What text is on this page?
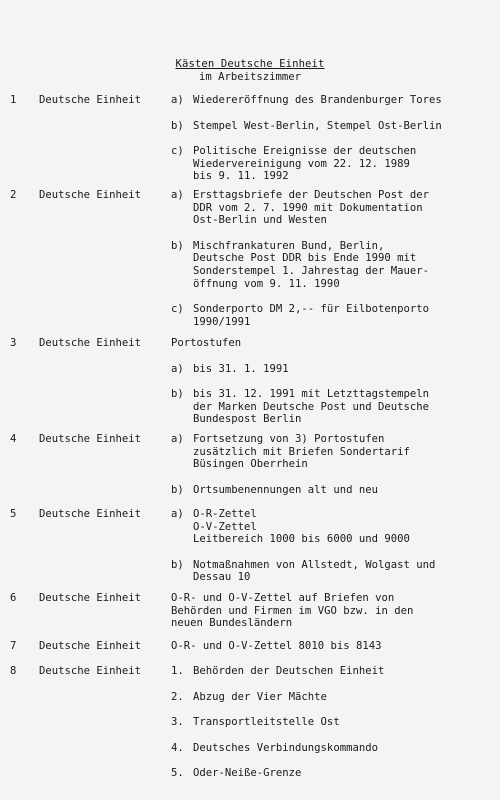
Kästen Deutsche Einheit
im Arbeitszimmer
1 Deutsche Einheit	a) Wiedereröffnung des Brandenburger Tores
b) Stempel West-Berlin, Stempel Ost-Berlin
c) Politische Ereignisse der deutschen
Wiedervereinigung vom 22. 12. 1989
bis 9. 11. 1992
2 Deutsche Einheit	a) Ersttagsbriefe der Deutschen Post der
DDR vom 2. 7. 1990 mit Dokumentation
Ost-Berlin und Westen
b) Mischfrankaturen Bund, Berlin,
Deutsche Post DDR bis Ende 1990 mit
Sonderstempel 1. Jahrestag der Mauer-
öffnung vom 9. 11. 1990
c) Sonderporto DM 2,-- für Eilbotenporto
1990/1991
3 Deutsche Einheit	Portostufen
a) bis 31. 1. 1991
b) bis 31. 12. 1991 mit Letzttagstempeln
der Marken Deutsche Post und Deutsche
Bundespost Berlin
4 Deutsche Einheit	a) Fortsetzung von 3) Portostufen
zusätzlich mit Briefen Sondertarif
Büsingen Oberrhein
b) Ortsumbenennungen alt und neu
5 Deutsche Einheit	a) O-R-Zettel
O-V-Zettel
Leitbereich 1000 bis 6000 und 9000
b) Notmaßnahmen von Allstedt, Wolgast und
Dessau 10
6 Deutsche Einheit	O-R- und O-V-Zettel auf Briefen von
Behörden und Firmen im VGO bzw. in den
neuen Bundesländern
7 Deutsche Einheit	O-R- und O-V-Zettel 8010 bis 8143
8 Deutsche Einheit	1. Behörden der Deutschen Einheit
2. Abzug der Vier Mächte
3. Transportleitstelle Ost
4. Deutsches Verbindungskommando
5. Oder-Neiße-Grenze
